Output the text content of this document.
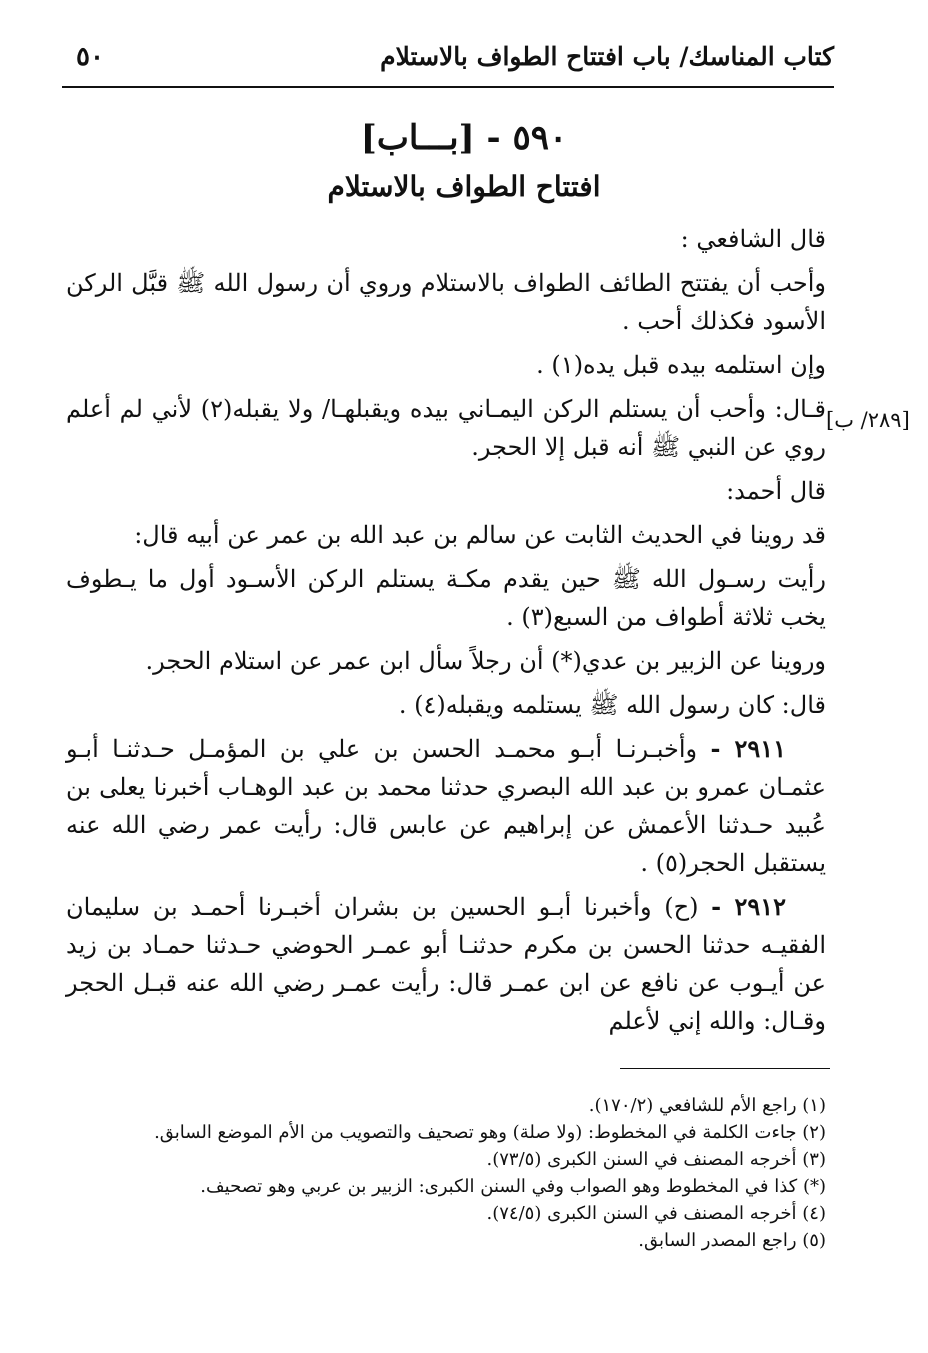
كتاب المناسك/ باب افتتاح الطواف بالاستلام
٥٠
٥٩٠ - [بـــاب]
افتتاح الطواف بالاستلام
[٢٨٩/ ب]

قال الشافعي :

وأحب أن يفتتح الطائف الطواف بالاستلام وروي أن رسول الله ﷺ قبَّل الركن الأسود فكذلك أحب .

وإن استلمه بيده قبل يده(١) .

قـال: وأحب أن يستلم الركن اليمـاني بيده ويقبلهـا/ ولا يقبله(٢) لأني لم أعلم روي عن النبي ﷺ أنه قبل إلا الحجر.

قال أحمد:

قد روينا في الحديث الثابت عن سالم بن عبد الله بن عمر عن أبيه قال:

رأيت رسـول الله ﷺ حين يقدم مكـة يستلم الركن الأسـود أول ما يـطوف يخب ثلاثة أطواف من السبع(٣) .

وروينا عن الزبير بن عدي(*) أن رجلاً سأل ابن عمر عن استلام الحجر.

قال: كان رسول الله ﷺ يستلمه ويقبله(٤) .

٢٩١١ - وأخبـرنـا أبـو محمـد الحسن بن علي بن المؤمـل حـدثنـا أبـو عثمـان عمرو بن عبد الله البصري حدثنا محمد بن عبد الوهـاب أخبرنا يعلى بن عُبيد حـدثنا الأعمش عن إبراهيم عن عابس قال: رأيت عمر رضي الله عنه يستقبل الحجر(٥) .

٢٩١٢ - (ح) وأخبرنا أبـو الحسين بن بشران أخبـرنا أحمـد بن سليمان الفقيـه حدثنا الحسن بن مكرم حدثنـا أبو عمـر الحوضي حـدثنا حمـاد بن زيد عن أيـوب عن نافع عن ابن عمـر قال: رأيت عمـر رضي الله عنه قبـل الحجر وقـال: والله إني لأعلم

(١) راجع الأم للشافعي (١٧٠/٢).
(٢) جاءت الكلمة في المخطوط: (ولا صلة) وهو تصحيف والتصويب من الأم الموضع السابق.
(٣) أخرجه المصنف في السنن الكبرى (٧٣/٥).
(*) كذا في المخطوط وهو الصواب وفي السنن الكبرى: الزبير بن عربي وهو تصحيف.
(٤) أخرجه المصنف في السنن الكبرى (٧٤/٥).
(٥) راجع المصدر السابق.
